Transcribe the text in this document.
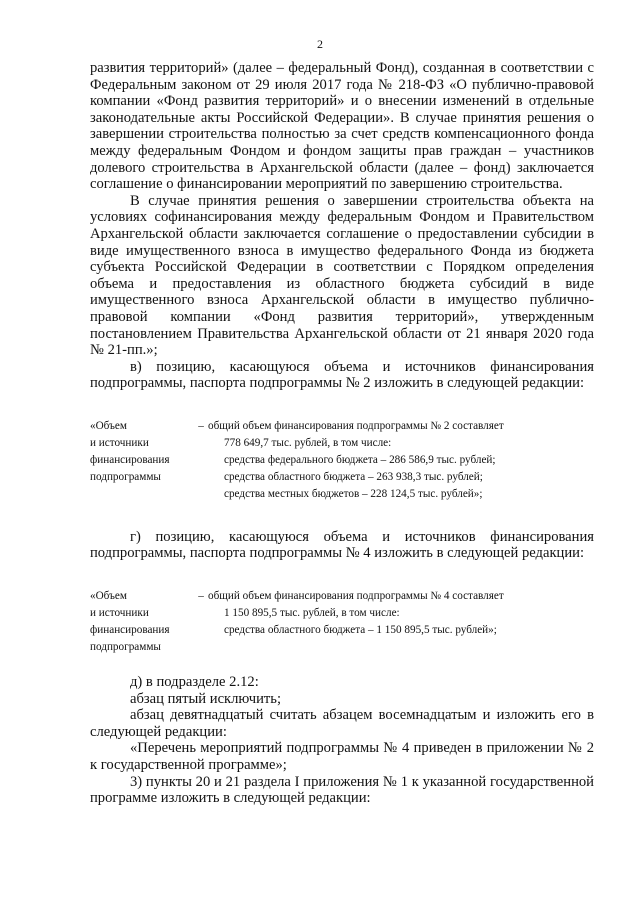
2

развития территорий» (далее – федеральный Фонд), созданная в соответствии с Федеральным законом от 29 июля 2017 года № 218-ФЗ «О публично-правовой компании «Фонд развития территорий» и о внесении изменений в отдельные законодательные акты Российской Федерации». В случае принятия решения о завершении строительства полностью за счет средств компенсационного фонда между федеральным Фондом и фондом защиты прав граждан – участников долевого строительства в Архангельской области (далее – фонд) заключается соглашение о финансировании мероприятий по завершению строительства.

В случае принятия решения о завершении строительства объекта на условиях софинансирования между федеральным Фондом и Правительством Архангельской области заключается соглашение о предоставлении субсидии в виде имущественного взноса в имущество федерального Фонда из бюджета субъекта Российской Федерации в соответствии с Порядком определения объема и предоставления из областного бюджета субсидий в виде имущественного взноса Архангельской области в имущество публично-правовой компании «Фонд развития территорий», утвержденным постановлением Правительства Архангельской области от 21 января 2020 года № 21-пп.»;

в) позицию, касающуюся объема и источников финансирования подпрограммы, паспорта подпрограммы № 2 изложить в следующей редакции:

«Объем
и источники
финансирования
подпрограммы
– общий объем финансирования подпрограммы № 2 составляет
778 649,7 тыс. рублей, в том числе:
средства федерального бюджета – 286 586,9 тыс. рублей;
средства областного бюджета – 263 938,3 тыс. рублей;
средства местных бюджетов – 228 124,5 тыс. рублей»;

г) позицию, касающуюся объема и источников финансирования подпрограммы, паспорта подпрограммы № 4 изложить в следующей редакции:

«Объем
и источники
финансирования
подпрограммы
– общий объем финансирования подпрограммы № 4 составляет
1 150 895,5 тыс. рублей, в том числе:
средства областного бюджета – 1 150 895,5 тыс. рублей»;

д) в подразделе 2.12:

абзац пятый исключить;

абзац девятнадцатый считать абзацем восемнадцатым и изложить его в следующей редакции:

«Перечень мероприятий подпрограммы № 4 приведен в приложении № 2 к государственной программе»;

3) пункты 20 и 21 раздела I приложения № 1 к указанной государственной программе изложить в следующей редакции:
